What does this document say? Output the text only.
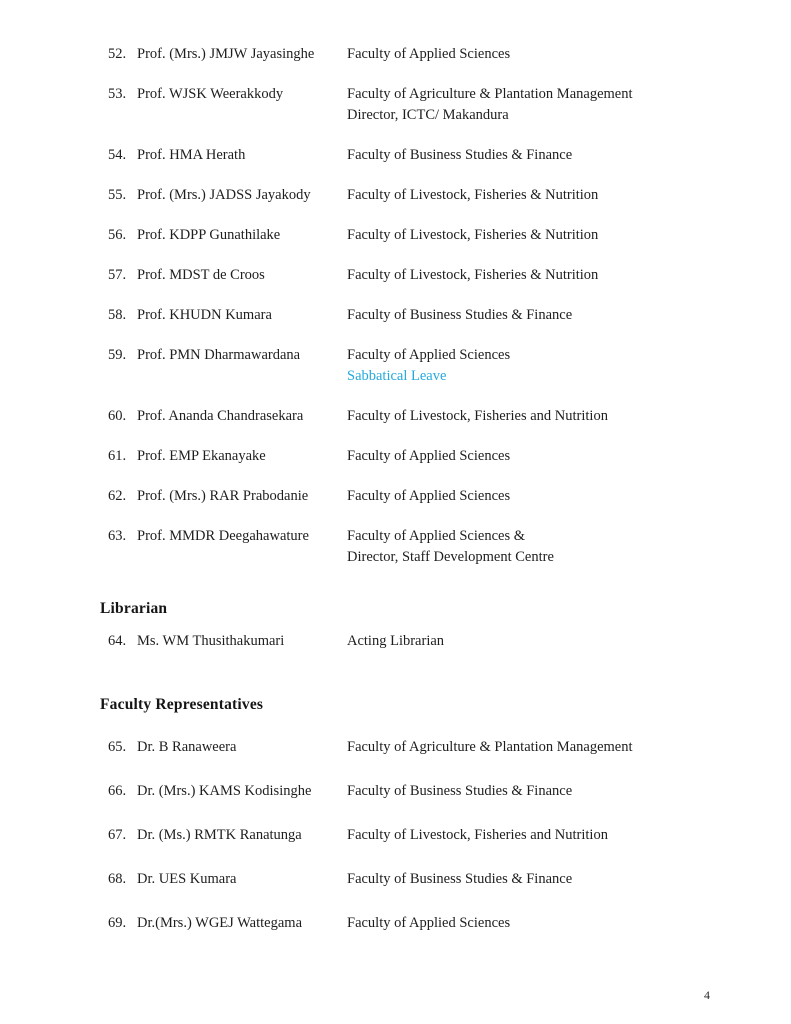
52. Prof. (Mrs.) JMJW Jayasinghe	Faculty of Applied Sciences
53. Prof. WJSK Weerakkody	Faculty of Agriculture & Plantation Management
Director, ICTC/ Makandura
54. Prof. HMA Herath	Faculty of Business Studies & Finance
55. Prof. (Mrs.) JADSS Jayakody	Faculty of Livestock, Fisheries & Nutrition
56. Prof. KDPP Gunathilake	Faculty of Livestock, Fisheries & Nutrition
57. Prof. MDST de Croos	Faculty of Livestock, Fisheries & Nutrition
58. Prof. KHUDN Kumara	Faculty of Business Studies & Finance
59. Prof. PMN Dharmawardana	Faculty of Applied Sciences
Sabbatical Leave
60. Prof. Ananda Chandrasekara	Faculty of Livestock, Fisheries and Nutrition
61. Prof. EMP Ekanayake	Faculty of Applied Sciences
62. Prof. (Mrs.) RAR Prabodanie	Faculty of Applied Sciences
63. Prof. MMDR Deegahawature	Faculty of Applied Sciences &
Director, Staff Development Centre
Librarian
64. Ms. WM Thusithakumari	Acting Librarian
Faculty Representatives
65. Dr. B Ranaweera	Faculty of Agriculture & Plantation Management
66. Dr. (Mrs.) KAMS Kodisinghe	Faculty of Business Studies & Finance
67. Dr. (Ms.) RMTK Ranatunga	Faculty of Livestock, Fisheries and Nutrition
68. Dr. UES Kumara	Faculty of Business Studies & Finance
69. Dr.(Mrs.) WGEJ Wattegama	Faculty of Applied Sciences
4
